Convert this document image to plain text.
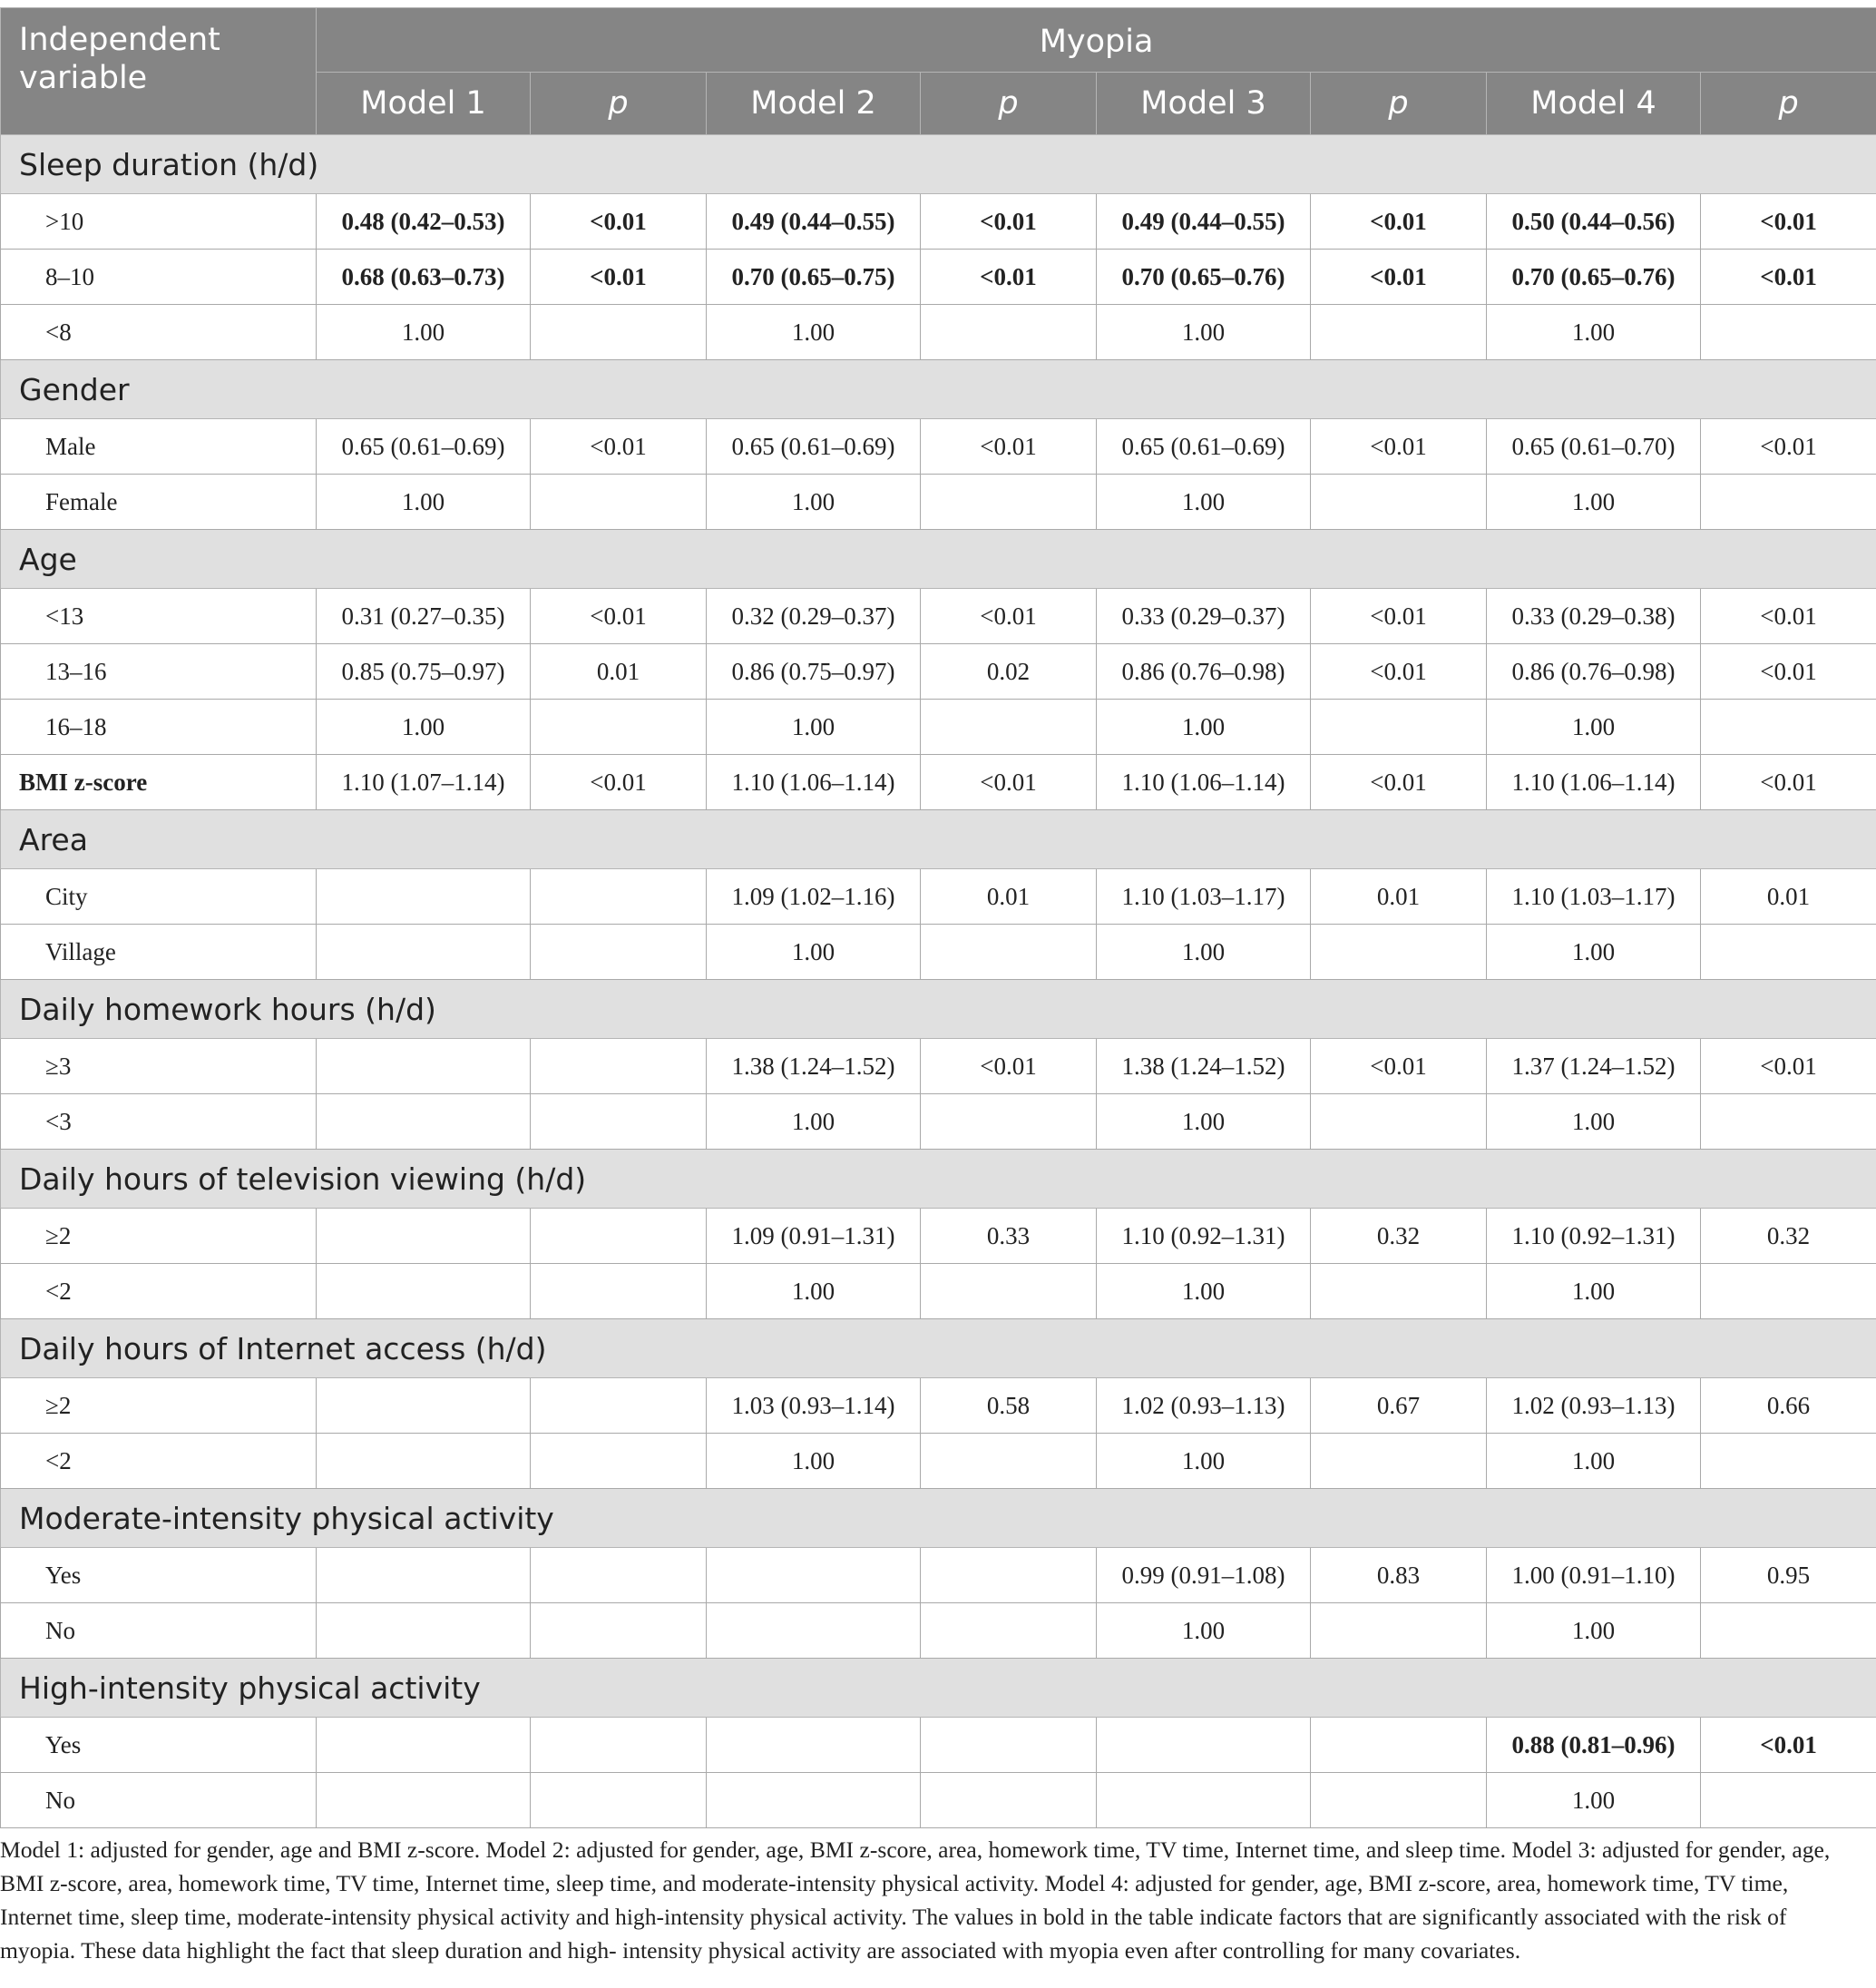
Independent variable	Myopia							
	Model 1	p	Model 2	p	Model 3	p	Model 4	p
Sleep duration (h/d)								
>10	0.48 (0.42–0.53)	<0.01	0.49 (0.44–0.55)	<0.01	0.49 (0.44–0.55)	<0.01	0.50 (0.44–0.56)	<0.01
8–10	0.68 (0.63–0.73)	<0.01	0.70 (0.65–0.75)	<0.01	0.70 (0.65–0.76)	<0.01	0.70 (0.65–0.76)	<0.01
<8	1.00		1.00		1.00		1.00	
Gender								
Male	0.65 (0.61–0.69)	<0.01	0.65 (0.61–0.69)	<0.01	0.65 (0.61–0.69)	<0.01	0.65 (0.61–0.70)	<0.01
Female	1.00		1.00		1.00		1.00	
Age								
<13	0.31 (0.27–0.35)	<0.01	0.32 (0.29–0.37)	<0.01	0.33 (0.29–0.37)	<0.01	0.33 (0.29–0.38)	<0.01
13–16	0.85 (0.75–0.97)	0.01	0.86 (0.75–0.97)	0.02	0.86 (0.76–0.98)	<0.01	0.86 (0.76–0.98)	<0.01
16–18	1.00		1.00		1.00		1.00	
BMI z-score	1.10 (1.07–1.14)	<0.01	1.10 (1.06–1.14)	<0.01	1.10 (1.06–1.14)	<0.01	1.10 (1.06–1.14)	<0.01
Area								
City			1.09 (1.02–1.16)	0.01	1.10 (1.03–1.17)	0.01	1.10 (1.03–1.17)	0.01
Village			1.00		1.00		1.00	
Daily homework hours (h/d)								
≥3			1.38 (1.24–1.52)	<0.01	1.38 (1.24–1.52)	<0.01	1.37 (1.24–1.52)	<0.01
<3			1.00		1.00		1.00	
Daily hours of television viewing (h/d)								
≥2			1.09 (0.91–1.31)	0.33	1.10 (0.92–1.31)	0.32	1.10 (0.92–1.31)	0.32
<2			1.00		1.00		1.00	
Daily hours of Internet access (h/d)								
≥2			1.03 (0.93–1.14)	0.58	1.02 (0.93–1.13)	0.67	1.02 (0.93–1.13)	0.66
<2			1.00		1.00		1.00	
Moderate-intensity physical activity								
Yes					0.99 (0.91–1.08)	0.83	1.00 (0.91–1.10)	0.95
No					1.00		1.00	
High-intensity physical activity								
Yes							0.88 (0.81–0.96)	<0.01
No							1.00	

Model 1: adjusted for gender, age and BMI z-score. Model 2: adjusted for gender, age, BMI z-score, area, homework time, TV time, Internet time, and sleep time. Model 3: adjusted for gender, age, BMI z-score, area, homework time, TV time, Internet time, sleep time, and moderate-intensity physical activity. Model 4: adjusted for gender, age, BMI z-score, area, homework time, TV time, Internet time, sleep time, moderate-intensity physical activity and high-intensity physical activity. The values in bold in the table indicate factors that are significantly associated with the risk of myopia. These data highlight the fact that sleep duration and high- intensity physical activity are associated with myopia even after controlling for many covariates.
